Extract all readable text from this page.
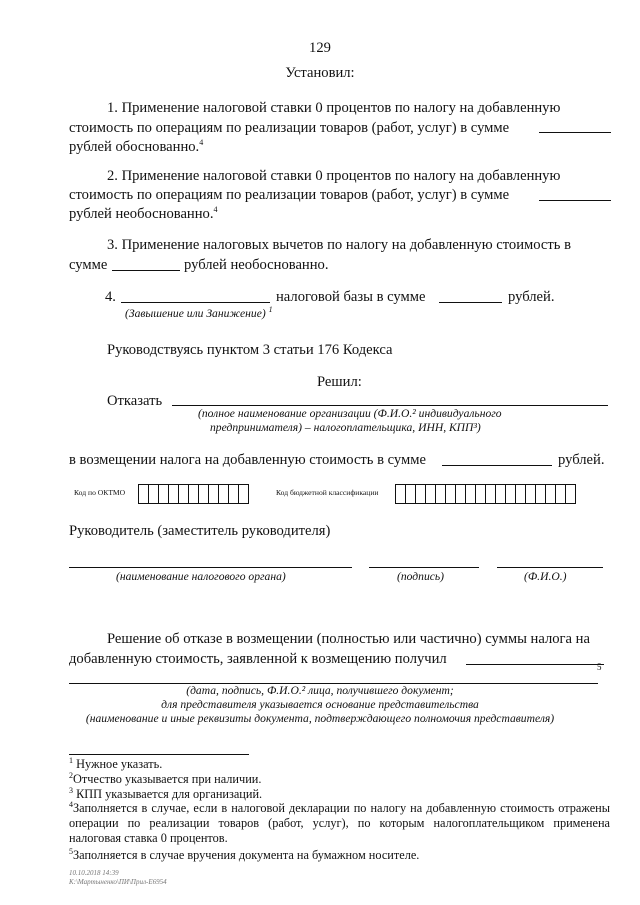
129
Установил:
1. Применение налоговой ставки 0 процентов по налогу на добавленную
стоимость по операциям по реализации товаров (работ, услуг) в сумме
рублей обоснованно.$^4$
2. Применение налоговой ставки 0 процентов по налогу на добавленную
стоимость по операциям по реализации товаров (работ, услуг) в сумме
рублей необоснованно.$^4$
3. Применение налоговых вычетов по налогу на добавленную стоимость в
сумме	рублей необоснованно.
4.	налоговой базы в сумме	рублей.
(Завышение или Занижение) $^1$
Руководствуясь пунктом 3 статьи 176 Кодекса
Решил:
Отказать
(полное наименование организации (Ф.И.О.² индивидуального
предпринимателя) – налогоплательщика, ИНН, КПП³)
в возмещении налога на добавленную стоимость в сумме	рублей.
Код по ОКТМО	Код бюджетной классификации
Руководитель (заместитель руководителя)
(наименование налогового органа)	(подпись)	(Ф.И.О.)
Решение об отказе в возмещении (полностью или частично) суммы налога на
добавленную стоимость, заявленной к возмещению получил	5
(дата, подпись, Ф.И.О.² лица, получившего документ;
для представителя указывается основание представительства
(наименование и иные реквизиты документа, подтверждающего полномочия представителя)
$^1$ Нужное указать.
$^2$Отчество указывается при наличии.
$^3$ КПП указывается для организаций.
$^4$Заполняется в случае, если в налоговой декларации по налогу на добавленную стоимость отражены операции по реализации товаров (работ, услуг), по которым налогоплательщиком применена налоговая ставка 0 процентов.
$^5$Заполняется в случае вручения документа на бумажном носителе.
10.10.2018 14:39
К:\Мартыненко\ПИ\Прил-Е6954
